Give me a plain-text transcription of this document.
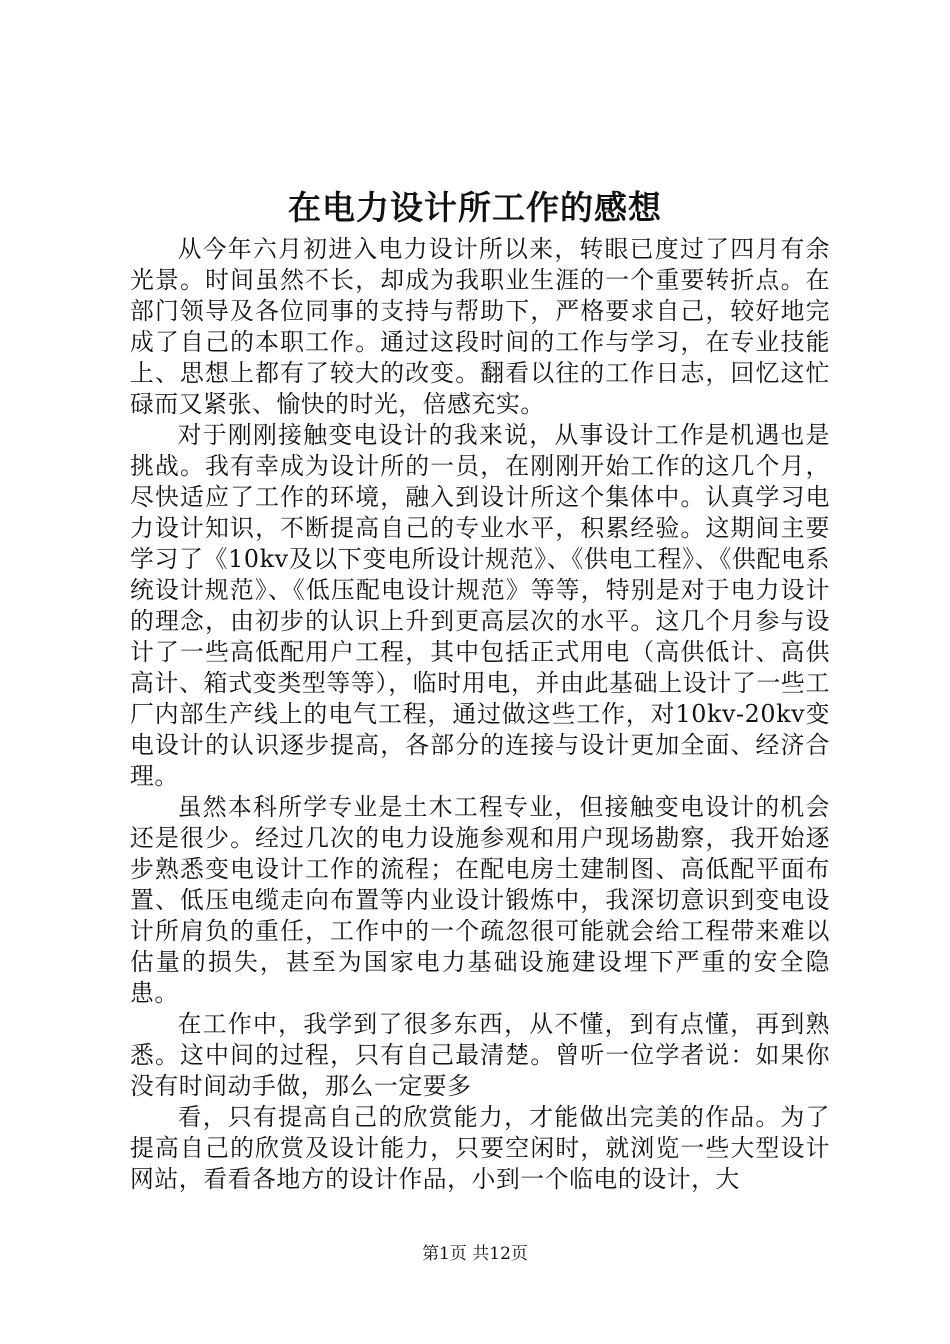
在电力设计所工作的感想

从今年六月初进入电力设计所以来，转眼已度过了四月有余光景。时间虽然不长，却成为我职业生涯的一个重要转折点。在部门领导及各位同事的支持与帮助下，严格要求自己，较好地完成了自己的本职工作。通过这段时间的工作与学习，在专业技能上、思想上都有了较大的改变。翻看以往的工作日志，回忆这忙碌而又紧张、愉快的时光，倍感充实。

对于刚刚接触变电设计的我来说，从事设计工作是机遇也是挑战。我有幸成为设计所的一员，在刚刚开始工作的这几个月，尽快适应了工作的环境，融入到设计所这个集体中。认真学习电力设计知识，不断提高自己的专业水平，积累经验。这期间主要学习了《10kv及以下变电所设计规范》、《供电工程》、《供配电系统设计规范》、《低压配电设计规范》等等，特别是对于电力设计的理念，由初步的认识上升到更高层次的水平。这几个月参与设计了一些高低配用户工程，其中包括正式用电（高供低计、高供高计、箱式变类型等等），临时用电，并由此基础上设计了一些工厂内部生产线上的电气工程，通过做这些工作，对10kv-20kv变电设计的认识逐步提高，各部分的连接与设计更加全面、经济合理。

虽然本科所学专业是土木工程专业，但接触变电设计的机会还是很少。经过几次的电力设施参观和用户现场勘察，我开始逐步熟悉变电设计工作的流程；在配电房土建制图、高低配平面布置、低压电缆走向布置等内业设计锻炼中，我深切意识到变电设计所肩负的重任，工作中的一个疏忽很可能就会给工程带来难以估量的损失，甚至为国家电力基础设施建设埋下严重的安全隐患。

在工作中，我学到了很多东西，从不懂，到有点懂，再到熟悉。这中间的过程，只有自己最清楚。曾听一位学者说：如果你没有时间动手做，那么一定要多

看，只有提高自己的欣赏能力，才能做出完美的作品。为了提高自己的欣赏及设计能力，只要空闲时，就浏览一些大型设计网站，看看各地方的设计作品，小到一个临电的设计，大

第1页 共12页
